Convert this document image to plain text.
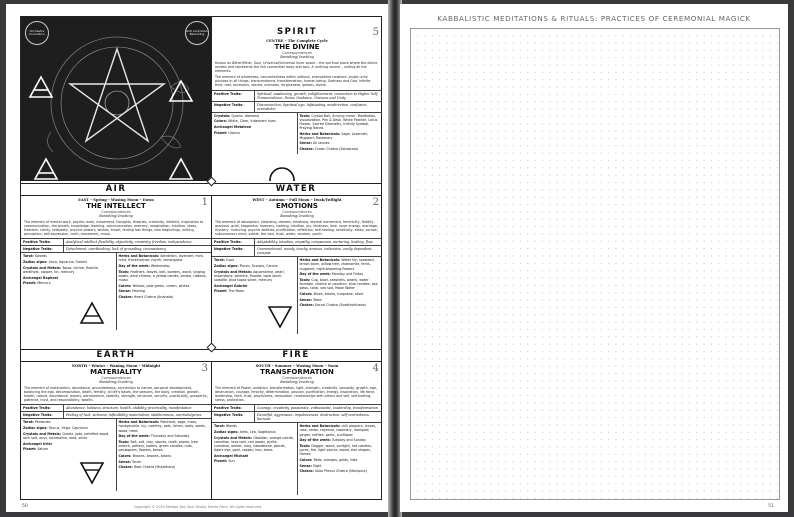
Orchestra Invocation
Anti Lockdown Banishing	SPIRIT
CENTRE – The Complete Cycle
THE DIVINE
Correspondences
Banishing/ Invoking
Known as Æther/Ether, Soul, Universal/Universal inner space – the spiritual place where the divine resides and represents the link connection body and soul. A unifying source – uniting all the elements.
The element of wholeness, connectedness within without, everywhere nowhere, single unity purpose in all things, transcendence, transformation, human being, Godness and God, infinite time, rest, ancestors, sacred, unknown, forgiveness, golden, divine.
Positive Traits:	Spiritual, awakening, growth, enlightenment, connection to Higher Self, Transcendence, Divine Guidance, Oneness and Unity
Negative Traits:	Disconnection, Spiritual ego, Infatuating, misdirection, confusion, overwhelm
Crystals: Quartz, diamond
Colors: White, Clear, Iridescent hues
Archangel Metatron
Planet: Uranus
Tools: Crystal Ball, Scrying mirror, Meditation, visualization, Pen & Desk, White Feather, Lotus Flower, Sacred Geometry, Infinity Symbol, Praying Hands
Herbs and Botanicals: Sage, Lavender, Mugwort, Rosemary
Sense: All senses
Chakra: Crown Chakra (Sahasrara)
5
AIR	WATER
EAST – Spring – Waxing Moon – Dawn
THE INTELLECT
Correspondences
Banishing/ Invoking
1
The element of mental work, psychic work, movement, thoughts, theories, creativity, intellect, inspiration to communication, the breath, knowledge, learning, communication, memory, imagination, intuition, ideas, freedom, clarity, telepathy, psychic powers, wishes, travel, finding lost things, new beginnings, writing, perception, self-expression, truth, movement, music.
Positive Traits:	Analytical intellect flexibility, objectivity, creativity, freedom, independence
Negative Traits:	Detachment, overthinking, lack of grounding, inconsistency
Tarot: Swords
Zodiac signs: Libra, Aquarius, Gemini
Crystals and Metals: Topaz, citrine, fluorite, amethyst, copper, tin, mercury
Archangel Raphael
Planet: Mercury
Herbs and Botanicals: dandelion, lavender, mint, mint, frankincense, myrrh, lemongrass
Day of the week: Wednesday
Tools: Feathers, leaves, bell, borders, wand, singing bowls, wind chimes, a yellow candle, smoke, ribbons, music
Colors: Yellows, pale green, cream, whites
Sense: Hearing
Chakra: Heart Chakra (Anahata)
WEST – Autumn – Full Moon – Dusk/Twilight
EMOTIONS
Correspondences
Banishing/ Invoking
2
The element of absorption, cleansing, dreams, emotions, eternal movement, femininity, fertility, gracious, grief, happiness, harmony, healing, intuition, joy, kindness, love, lunar energy, marriage, mystery, nurturing, psychic abilities, purification, reflection, self-healing, sensitivity, sleep, sorrow, subconscious mind, subtle, the soul, trust, water, wisdom, youth.
Positive Traits:	Adaptability, intuition, empathy, compassion, nurturing, healing, flow
Negative Traits:	Overemotional, moody, touchy, anxious, indecisive, easily dependent, escapist
Tarot: Cups
Zodiac signs: Pisces, Scorpio, Cancer
Crystals and Metals: Aquamarine, pearl, moonstone, selenite, fluorite, lapis lazuli, sodalite, blue topaz silver, mercury
Archangel Gabriel
Planet: The Moon
Herbs and Botanicals: Water lily, seaweed, lemon balm, willow tree, chamomile, ferns, mugwort, night-blooming flowers
Day of the week: Monday and Friday
Tools: Cup, bowl, seashells, pearls, water fountain, chalice or cauldron, blue candles, sea glass, coral, sea salt, Moon Water
Colors: Blues, blacks, turquoise, silver
Sense: Taste
Chakra: Sacral Chakra (Svadhishthana)
EARTH	FIRE
NORTH – Winter – Waning Moon – Midnight
MATERIALITY
Correspondences
Banishing/ Invoking
3
The element of materialism, abundance, groundedness, connection to nature, personal development, balancing the ego, decomposition, death, fertility, all life's bases, the seasons, the body, creation, growth, health, nature, abundance, money, permanence, stability, strength, structure, security, practicality, prosperity, patience, trust, and responsibility, wealth.
Positive Traits:	Abundance, holiness, structure, health, stability, practicality, manifestation
Negative Traits:	Feeling of lack, sickness, inflexibility, materialism, stubbornness, overindulgence
Tarot: Pentacles
Zodiac signs: Taurus, Virgo, Capricorn
Crystals and Metals: Quartz, jade, petrified wood, rock salt, onyx, tourmaline, lead, silver
Archangel Uriel
Planet: Saturn
Herbs and Botanicals: Patchouli, sage, moss, honeysuckle, ivy, comfrey, oats, lichen, roots, seeds, wood, trees
Day of the week: Thursday and Saturday
Tools: Salt, soil, clay, stones, chalk, plants, tree branch, pottery, tokens, green candles, nuts, pentagram, flowers, bones
Colors: Browns, browns, blacks
Sense: Touch
Chakra: Root Chakra (Muladhara)
SOUTH – Summer – Waxing Moon – Noon
TRANSFORMATION
Correspondences
Banishing/ Invoking
4
The element of Power, ambition, transformation, light, strength, creativity, sexuality, growth, ego, destruction, courage, ferocity, determination, passion, purification, energy, inspiration, life force, leadership, faith, trust, playfulness, renovation, relationships with others and self, self-healing, stress, protection.
Positive Traits:	Courage, creativity, passionate, enthusiastic, leadership, transformation
Negative Traits:	Deceitful, aggression, impulsiveness, destruction, self-centredness, burnout
Tarot: Wands
Zodiac signs: Aries, Leo, Sagittarius
Crystals and Metals: Obsidian, orange calcite, carnelian, lava rock, red jasper, pyrite, sunstone, amber, ruby, bloodstone, garnet, tigers eye, gold, copper, iron, brass
Archangel Michael
Planet: Sun
Herbs and Botanicals: chili peppers, cloves, rose, cedar, cayenne, rosemary, marigold, ginger, nettles, garlic, sunflower
Day of the week: Tuesday and Sunday
Tools: Dagger, wand, sunlight, hot candles, pyres, fire, light source, blood, star shapes, flames
Colors: Reds, oranges, golds, lilies
Sense: Sight
Chakra: Solar Plexus Chakra (Manipura)
50	Copyright © 2024 Melissa Bay Soul Studio. Blerfa Farm. All rights reserved.
KABBALISTIC MEDITATIONS & RITUALS: PRACTICES OF CEREMONIAL MAGICK
51
